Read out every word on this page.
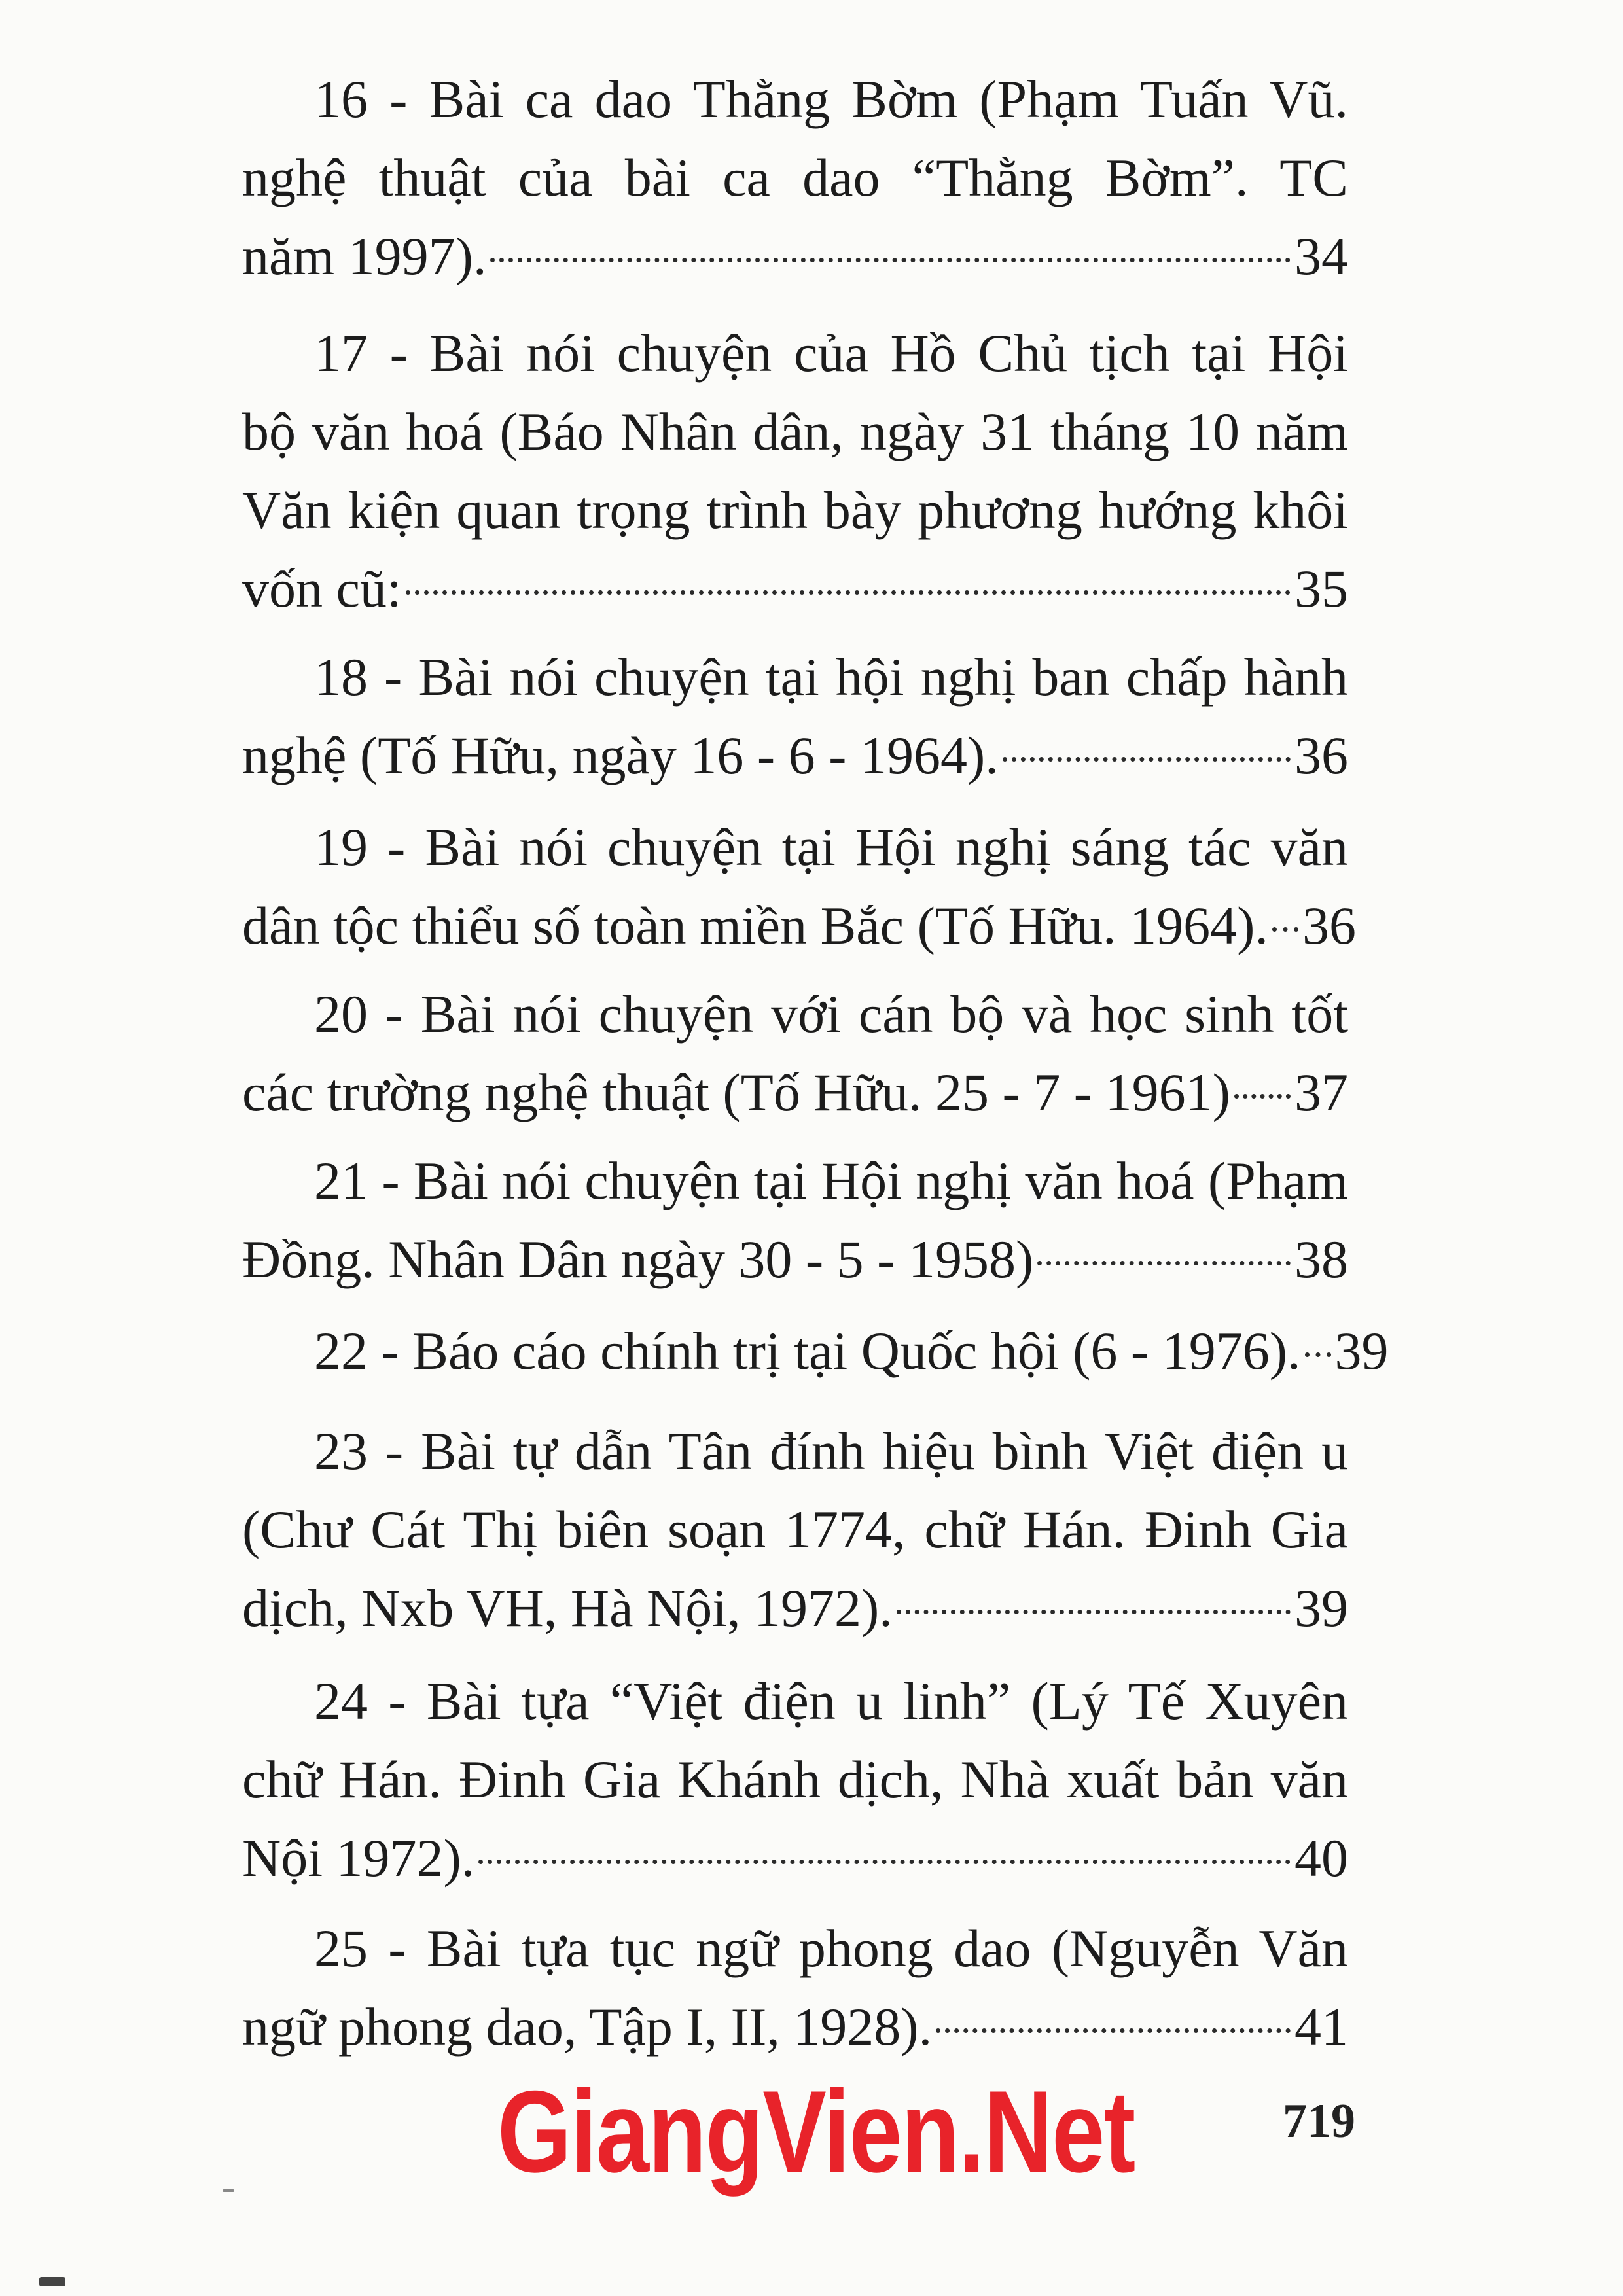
16 - Bài ca dao Thằng Bờm (Phạm Tuấn Vũ.
nghệ thuật của bài ca dao “Thằng Bờm”. TC
năm 1997).	34
17 - Bài nói chuyện của Hồ Chủ tịch tại Hội
bộ văn hoá (Báo Nhân dân, ngày 31 tháng 10 năm
Văn kiện quan trọng trình bày phương hướng khôi
vốn cũ:	35
18 - Bài nói chuyện tại hội nghị ban chấp hành
nghệ (Tố Hữu, ngày 16 - 6 - 1964).	36
19 - Bài nói chuyện tại Hội nghị sáng tác văn
dân tộc thiểu số toàn miền Bắc (Tố Hữu. 1964). 36
20 - Bài nói chuyện với cán bộ và học sinh tốt
các trường nghệ thuật (Tố Hữu. 25 - 7 - 1961) 37
21 - Bài nói chuyện tại Hội nghị văn hoá (Phạm
Đồng. Nhân Dân ngày 30 - 5 - 1958)	38
22 - Báo cáo chính trị tại Quốc hội (6 - 1976). 39
23 - Bài tự dẫn Tân đính hiệu bình Việt điện u
(Chư Cát Thị biên soạn 1774, chữ Hán. Đinh Gia
dịch, Nxb VH, Hà Nội, 1972).	39
24 - Bài tựa “Việt điện u linh” (Lý Tế Xuyên
chữ Hán. Đinh Gia Khánh dịch, Nhà xuất bản văn
Nội 1972).	40
25 - Bài tựa tục ngữ phong dao (Nguyễn Văn
ngữ phong dao, Tập I, II, 1928).	41
GiangVien.Net	719
